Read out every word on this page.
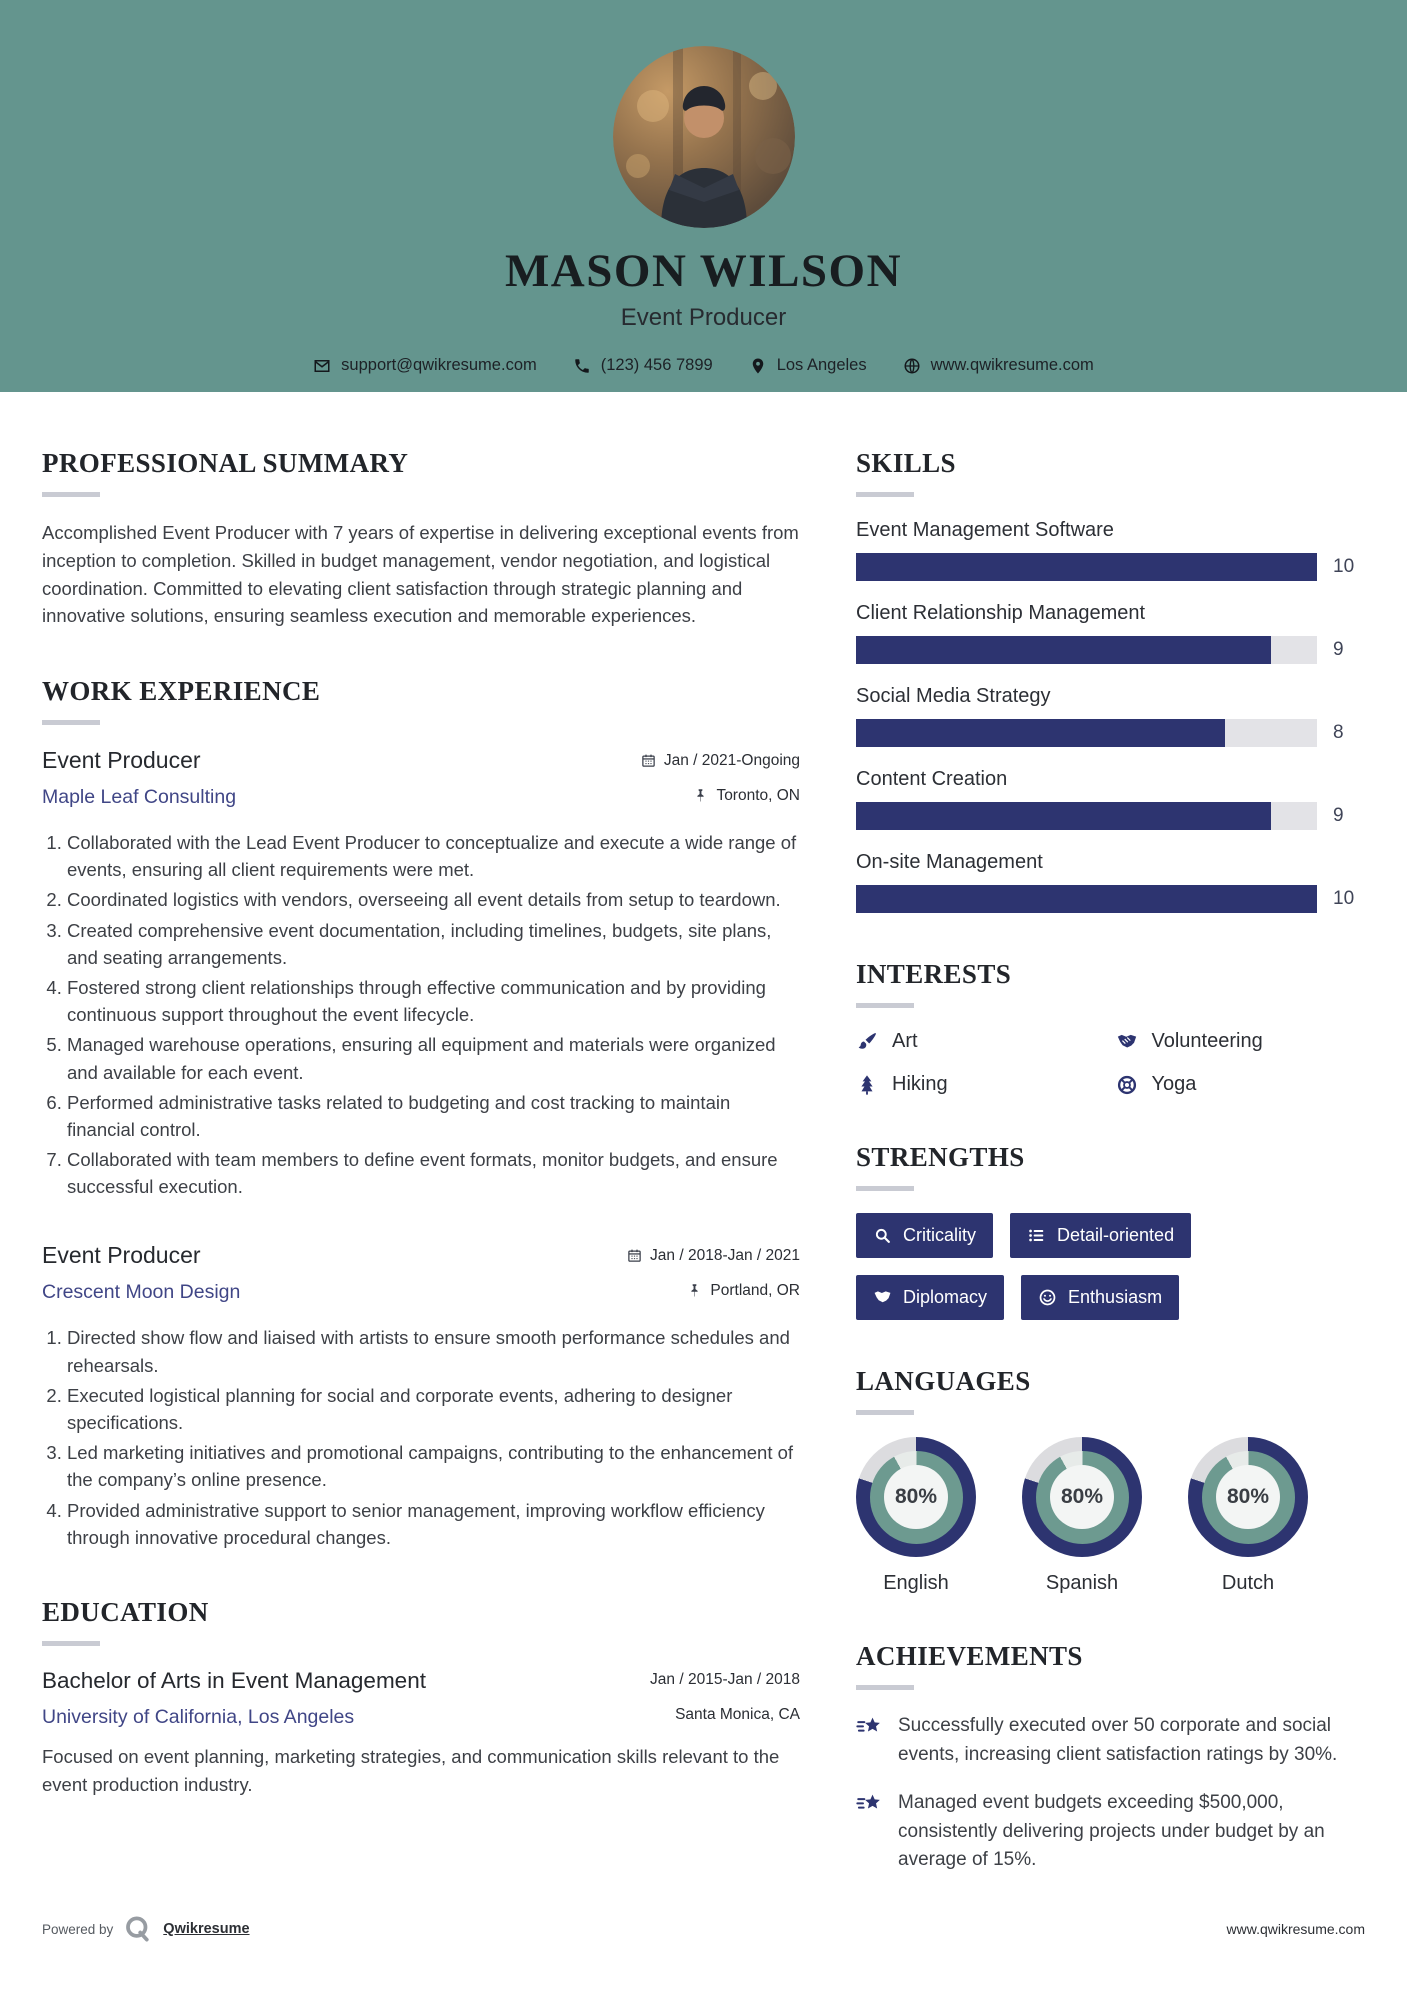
MASON WILSON
Event Producer
support@qwikresume.com	(123) 456 7899	Los Angeles	www.qwikresume.com
PROFESSIONAL SUMMARY

Accomplished Event Producer with 7 years of expertise in delivering exceptional events from inception to completion. Skilled in budget management, vendor negotiation, and logistical coordination. Committed to elevating client satisfaction through strategic planning and innovative solutions, ensuring seamless execution and memorable experiences.

WORK EXPERIENCE
Event Producer	Jan / 2021-Ongoing
Maple Leaf Consulting	Toronto, ON
1. Collaborated with the Lead Event Producer to conceptualize and execute a wide range of events, ensuring all client requirements were met.
2. Coordinated logistics with vendors, overseeing all event details from setup to teardown.
3. Created comprehensive event documentation, including timelines, budgets, site plans, and seating arrangements.
4. Fostered strong client relationships through effective communication and by providing continuous support throughout the event lifecycle.
5. Managed warehouse operations, ensuring all equipment and materials were organized and available for each event.
6. Performed administrative tasks related to budgeting and cost tracking to maintain financial control.
7. Collaborated with team members to define event formats, monitor budgets, and ensure successful execution.
Event Producer	Jan / 2018-Jan / 2021
Crescent Moon Design	Portland, OR
1. Directed show flow and liaised with artists to ensure smooth performance schedules and rehearsals.
2. Executed logistical planning for social and corporate events, adhering to designer specifications.
3. Led marketing initiatives and promotional campaigns, contributing to the enhancement of the company’s online presence.
4. Provided administrative support to senior management, improving workflow efficiency through innovative procedural changes.
EDUCATION
Bachelor of Arts in Event Management	Jan / 2015-Jan / 2018
University of California, Los Angeles	Santa Monica, CA

Focused on event planning, marketing strategies, and communication skills relevant to the event production industry.

SKILLS
Event Management Software
10
Client Relationship Management
9
Social Media Strategy
8
Content Creation
9
On-site Management
10
INTERESTS
Art	Volunteering
Hiking	Yoga
STRENGTHS
Criticality	Detail-oriented
Diplomacy	Enthusiasm
LANGUAGES
80%
English
80%
Spanish
80%
Dutch
ACHIEVEMENTS
Successfully executed over 50 corporate and social events, increasing client satisfaction ratings by 30%.
Managed event budgets exceeding $500,000, consistently delivering projects under budget by an average of 15%.
Powered by	Qwikresume	www.qwikresume.com
